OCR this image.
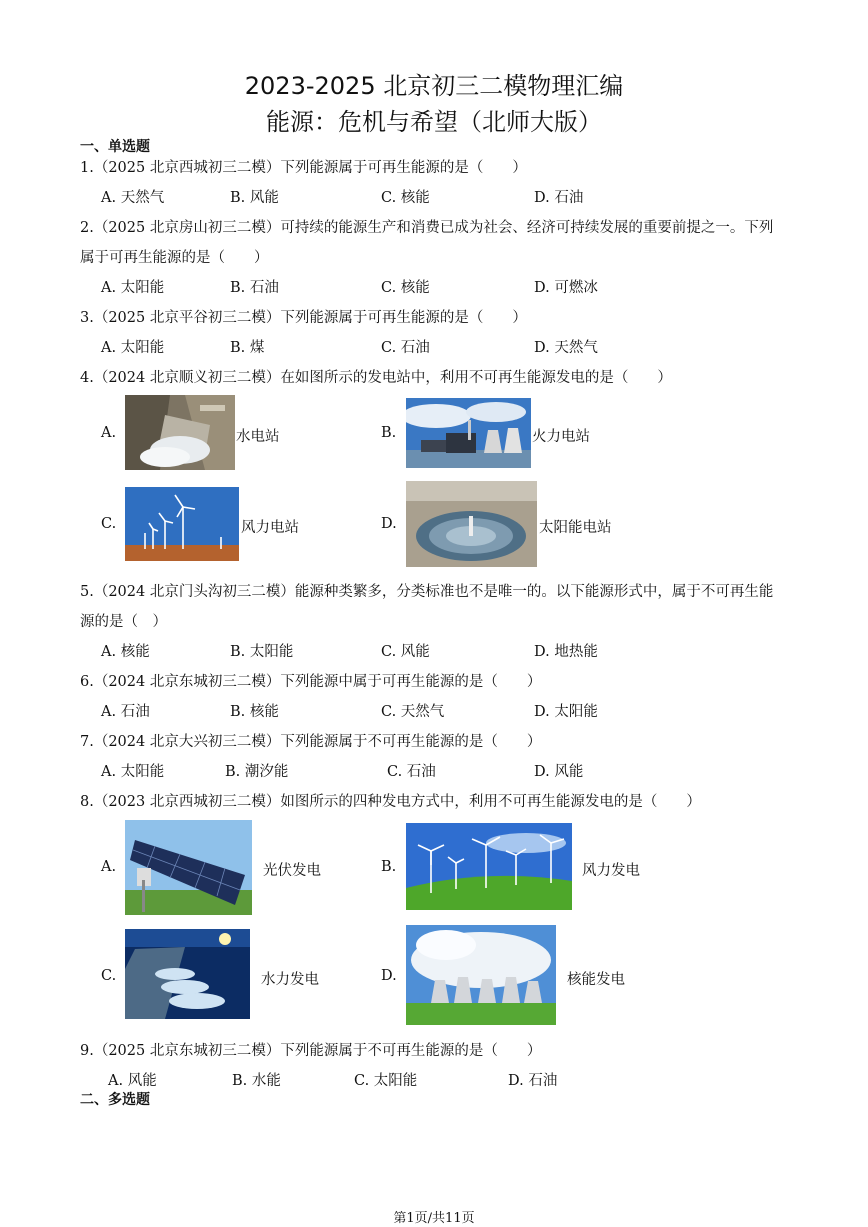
2023-2025 北京初三二模物理汇编
能源：危机与希望（北师大版）
一、单选题
1.（2025 北京西城初三二模）下列能源属于可再生能源的是（　　）
A. 天然气	B. 风能	C. 核能	D. 石油
2.（2025 北京房山初三二模）可持续的能源生产和消费已成为社会、经济可持续发展的重要前提之一。下列
属于可再生能源的是（　　）
A. 太阳能	B. 石油	C. 核能	D. 可燃冰
3.（2025 北京平谷初三二模）下列能源属于可再生能源的是（　　）
A. 太阳能	B. 煤	C. 石油	D. 天然气
4.（2024 北京顺义初三二模）在如图所示的发电站中，利用不可再生能源发电的是（　　）
A.	水电站	B.	火力电站
C.	风力电站	D.	太阳能电站
5.（2024 北京门头沟初三二模）能源种类繁多，分类标准也不是唯一的。以下能源形式中，属于不可再生能
源的是（　）
A. 核能	B. 太阳能	C. 风能	D. 地热能
6.（2024 北京东城初三二模）下列能源中属于可再生能源的是（　　）
A. 石油	B. 核能	C. 天然气	D. 太阳能
7.（2024 北京大兴初三二模）下列能源属于不可再生能源的是（　　）
A. 太阳能	B. 潮汐能	C. 石油	D. 风能
8.（2023 北京西城初三二模）如图所示的四种发电方式中，利用不可再生能源发电的是（　　）
A.	光伏发电	B.	风力发电
C.	水力发电	D.	核能发电
9.（2025 北京东城初三二模）下列能源属于不可再生能源的是（　　）
A. 风能	B. 水能	C. 太阳能	D. 石油
二、多选题
第1页/共11页
